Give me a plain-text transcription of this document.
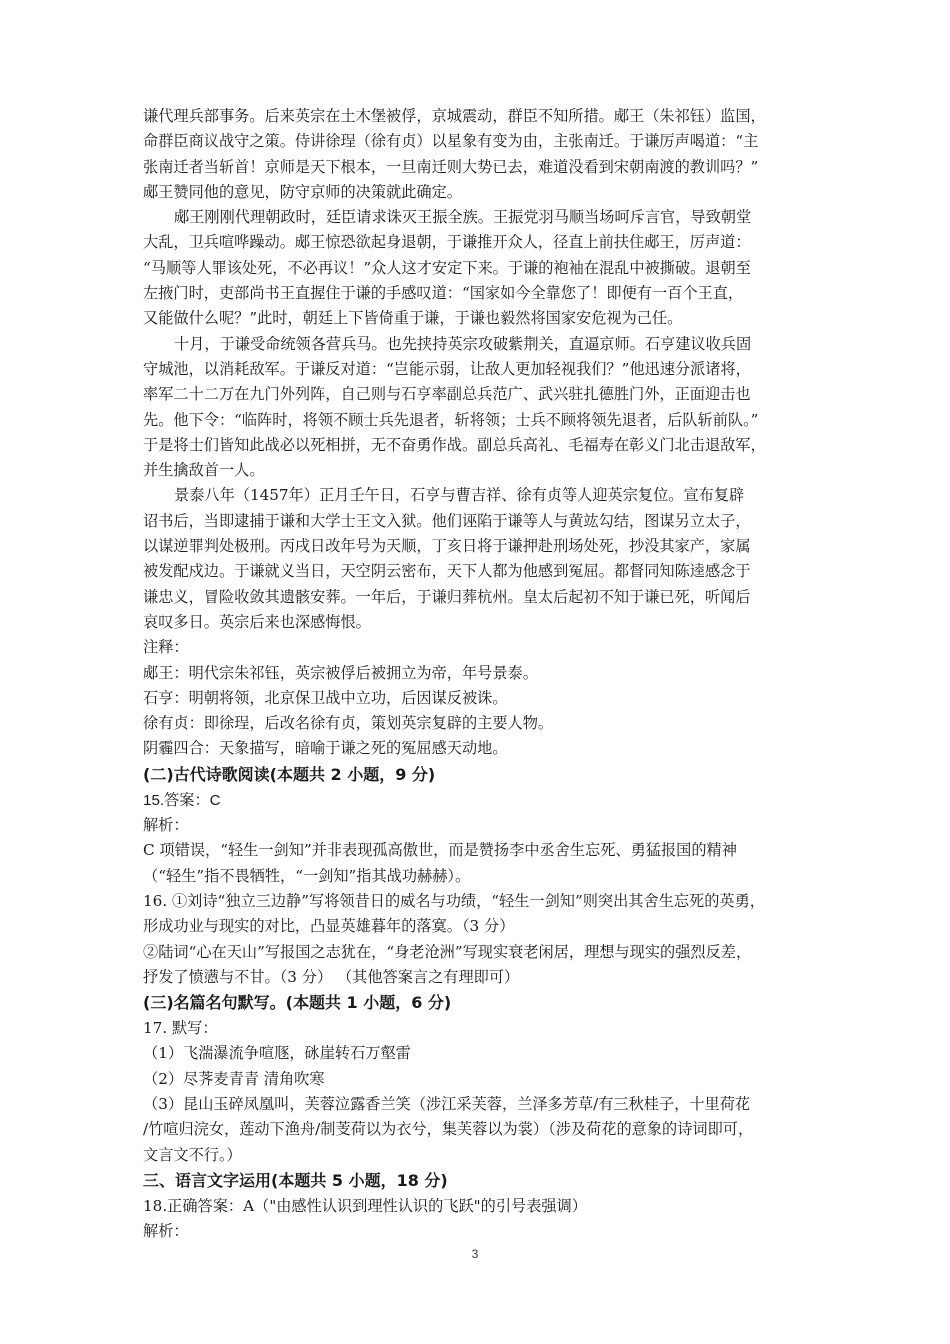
谦代理兵部事务。后来英宗在土木堡被俘，京城震动，群臣不知所措。郕王（朱祁钰）监国，
命群臣商议战守之策。侍讲徐珵（徐有贞）以星象有变为由，主张南迁。于谦厉声喝道：“主
张南迁者当斩首！京师是天下根本，一旦南迁则大势已去，难道没看到宋朝南渡的教训吗？”
郕王赞同他的意见，防守京师的决策就此确定。
郕王刚刚代理朝政时，廷臣请求诛灭王振全族。王振党羽马顺当场呵斥言官，导致朝堂
大乱，卫兵喧哗躁动。郕王惊恐欲起身退朝，于谦推开众人，径直上前扶住郕王，厉声道：
“马顺等人罪该处死，不必再议！”众人这才安定下来。于谦的袍袖在混乱中被撕破。退朝至
左掖门时，吏部尚书王直握住于谦的手感叹道：“国家如今全靠您了！即便有一百个王直，
又能做什么呢？”此时，朝廷上下皆倚重于谦，于谦也毅然将国家安危视为己任。
十月，于谦受命统领各营兵马。也先挟持英宗攻破紫荆关，直逼京师。石亨建议收兵固
守城池，以消耗敌军。于谦反对道：“岂能示弱，让敌人更加轻视我们？”他迅速分派诸将，
率军二十二万在九门外列阵，自己则与石亨率副总兵范广、武兴驻扎德胜门外，正面迎击也
先。他下令：“临阵时，将领不顾士兵先退者，斩将领；士兵不顾将领先退者，后队斩前队。”
于是将士们皆知此战必以死相拼，无不奋勇作战。副总兵高礼、毛福寿在彰义门北击退敌军，
并生擒敌首一人。
景泰八年（1457年）正月壬午日，石亨与曹吉祥、徐有贞等人迎英宗复位。宣布复辟
诏书后，当即逮捕于谦和大学士王文入狱。他们诬陷于谦等人与黄竑勾结，图谋另立太子，
以谋逆罪判处极刑。丙戌日改年号为天顺，丁亥日将于谦押赴刑场处死，抄没其家产，家属
被发配戍边。于谦就义当日，天空阴云密布，天下人都为他感到冤屈。都督同知陈逵感念于
谦忠义，冒险收敛其遗骸安葬。一年后，于谦归葬杭州。皇太后起初不知于谦已死，听闻后
哀叹多日。英宗后来也深感悔恨。
注释：
郕王：明代宗朱祁钰，英宗被俘后被拥立为帝，年号景泰。
石亨：明朝将领，北京保卫战中立功，后因谋反被诛。
徐有贞：即徐珵，后改名徐有贞，策划英宗复辟的主要人物。
阴霾四合：天象描写，暗喻于谦之死的冤屈感天动地。
(二)古代诗歌阅读(本题共 2 小题，9 分)
15.答案：C
解析：
C 项错误，“轻生一剑知”并非表现孤高傲世，而是赞扬李中丞舍生忘死、勇猛报国的精神
（“轻生”指不畏牺牲，“一剑知”指其战功赫赫）。
16. ①刘诗“独立三边静”写将领昔日的威名与功绩，“轻生一剑知”则突出其舍生忘死的英勇，
形成功业与现实的对比，凸显英雄暮年的落寞。（3 分）
②陆词“心在天山”写报国之志犹在，“身老沧洲”写现实衰老闲居，理想与现实的强烈反差，
抒发了愤懑与不甘。（3 分） （其他答案言之有理即可）
(三)名篇名句默写。(本题共 1 小题，6 分)
17. 默写：
（1）飞湍瀑流争喧豗，砯崖转石万壑雷
（2）尽荠麦青青 清角吹寒
（3）昆山玉碎凤凰叫，芙蓉泣露香兰笑（涉江采芙蓉，兰泽多芳草/有三秋桂子，十里荷花
/竹喧归浣女，莲动下渔舟/制芰荷以为衣兮，集芙蓉以为裳）（涉及荷花的意象的诗词即可，
文言文不行。）
三、语言文字运用(本题共 5 小题，18 分)
18.正确答案：A（"由感性认识到理性认识的飞跃"的引号表强调）
解析：
3
